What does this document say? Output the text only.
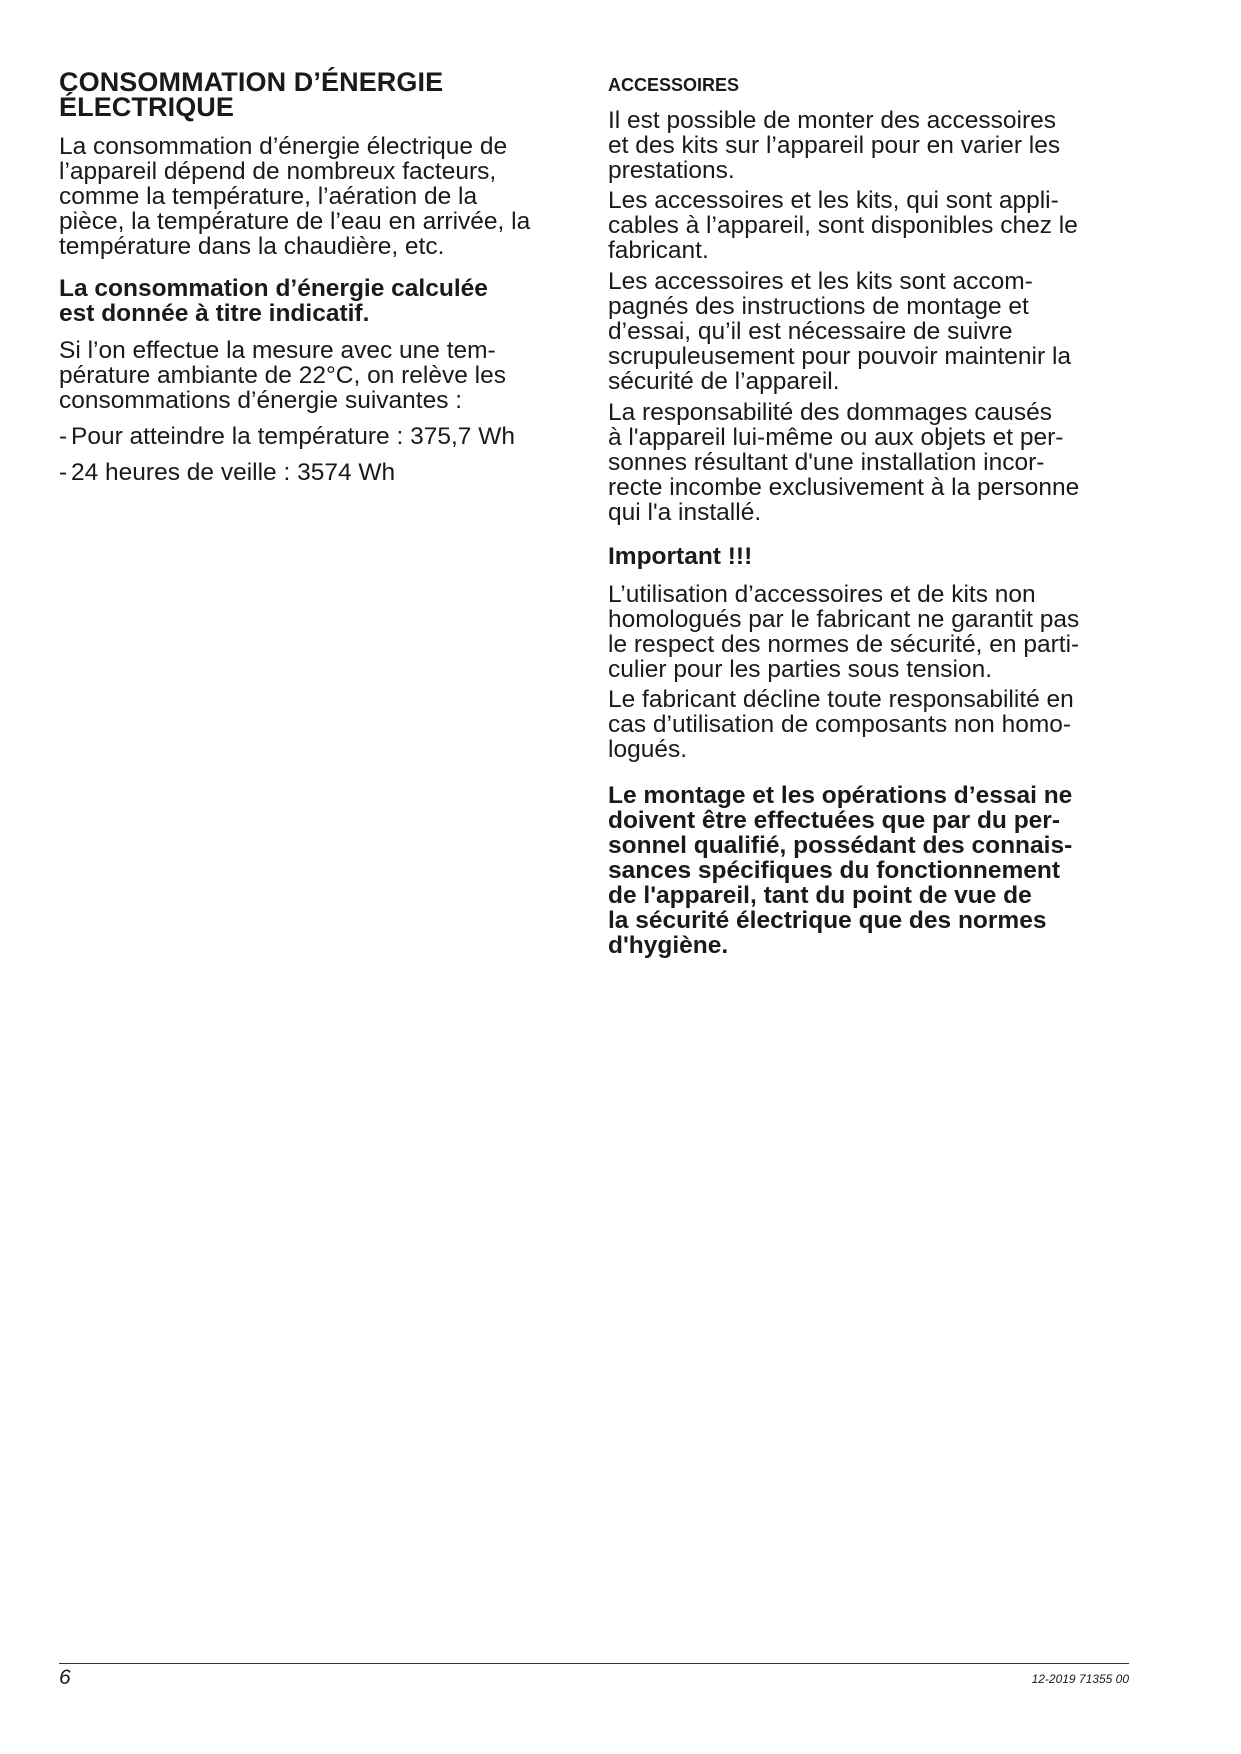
CONSOMMATION D’ÉNERGIE
ÉLECTRIQUE

La consommation d’énergie électrique de
l’appareil dépend de nombreux facteurs,
comme la température, l’aération de la
pièce, la température de l’eau en arrivée, la
température dans la chaudière, etc.

La consommation d’énergie calculée
est donnée à titre indicatif.

Si l’on effectue la mesure avec une tem-
pérature ambiante de 22°C, on relève les
consommations d’énergie suivantes :

- Pour atteindre la température : 375,7 Wh

- 24 heures de veille : 3574 Wh

ACCESSOIRES

Il est possible de monter des accessoires
et des kits sur l’appareil pour en varier les
prestations.

Les accessoires et les kits, qui sont appli-
cables à l’appareil, sont disponibles chez le
fabricant.

Les accessoires et les kits sont accom-
pagnés des instructions de montage et
d’essai, qu’il est nécessaire de suivre
scrupuleusement pour pouvoir maintenir la
sécurité de l’appareil.

La responsabilité des dommages causés
à l'appareil lui-même ou aux objets et per-
sonnes résultant d'une installation incor-
recte incombe exclusivement à la personne
qui l'a installé.

Important !!!

L’utilisation d’accessoires et de kits non
homologués par le fabricant ne garantit pas
le respect des normes de sécurité, en parti-
culier pour les parties sous tension.

Le fabricant décline toute responsabilité en
cas d’utilisation de composants non homo-
logués.

Le montage et les opérations d’essai ne
doivent être effectuées que par du per-
sonnel qualifié, possédant des connais-
sances spécifiques du fonctionnement
de l'appareil, tant du point de vue de
la sécurité électrique que des normes
d'hygiène.

6	12-2019 71355 00
